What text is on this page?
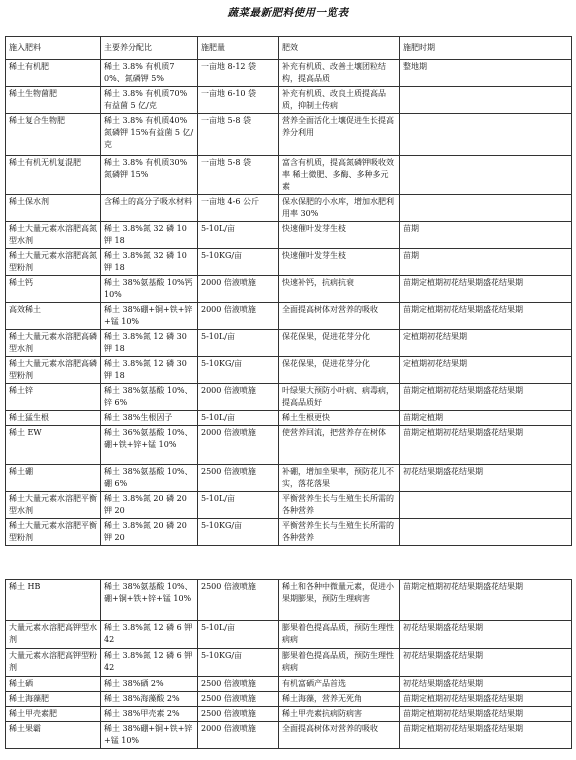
蔬菜最新肥料使用一览表
施入肥料	主要养分配比	施肥量	肥效	施肥时期
稀土有机肥	稀土 3.8% 有机质70%、氮磷钾 5%	一亩地 8-12 袋	补充有机质、改善土壤团粒结构，提高品质	整地期
稀土生物菌肥	稀土 3.8% 有机质70%有益菌 5 亿/克	一亩地 6-10 袋	补充有机质、改良土质提高品质，抑制土传病	
稀土复合生物肥	稀土 3.8% 有机质40%氮磷钾 15%有益菌 5 亿/克	一亩地 5-8 袋	营养全面活化土壤促进生长提高养分利用	
稀土有机无机复混肥	稀土 3.8% 有机质30%氮磷钾 15%	一亩地 5-8 袋	富含有机质，提高氮磷钾吸收效率 稀土微肥、多酶、多种多元素	
稀土保水剂	含稀土的高分子吸水材料	一亩地 4-6 公斤	保水保肥的小水库，增加水肥利用率 30%	
稀土大量元素水溶肥高氮型水剂	稀土 3.8%氮 32 磷 10 钾 18	5-10L/亩	快速催叶发芽生枝	苗期
稀土大量元素水溶肥高氮型粉剂	稀土 3.8%氮 32 磷 10 钾 18	5-10KG/亩	快速催叶发芽生枝	苗期
稀土钙	稀土 38%氨基酸 10%钙 10%	2000 倍液喷施	快速补钙，抗病抗衰	苗期定植期初花结果期盛花结果期
高效稀土	稀土 38%硼+铜+铁+锌+锰 10%	2000 倍液喷施	全面提高树体对营养的吸收	苗期定植期初花结果期盛花结果期
稀土大量元素水溶肥高磷型水剂	稀土 3.8%氮 12 磷 30 钾 18	5-10L/亩	保花保果，促进花芽分化	定植期初花结果期
稀土大量元素水溶肥高磷型粉剂	稀土 3.8%氮 12 磷 30 钾 18	5-10KG/亩	保花保果，促进花芽分化	定植期初花结果期
稀土锌	稀土 38%氨基酸 10%、锌 6%	2000 倍液喷施	叶绿果大预防小叶病、病毒病，提高品质好	苗期定植期初花结果期盛花结果期
稀土猛生根	稀土 38%生根因子	5-10L/亩	稀土生根更快	苗期定植期
稀土 EW	稀土 36%氨基酸 10%、硼+铁+锌+锰 10%	2000 倍液喷施	使营养回流，把营养存在树体	苗期定植期初花结果期盛花结果期
稀土硼	稀土 38%氨基酸 10%、硼 6%	2500 倍液喷施	补硼，增加坐果率，预防花儿不实，落花落果	初花结果期盛花结果期
稀土大量元素水溶肥平衡型水剂	稀土 3.8%氮 20 磷 20 钾 20	5-10L/亩	平衡营养生长与生殖生长所需的各种营养	
稀土大量元素水溶肥平衡型粉剂	稀土 3.8%氮 20 磷 20 钾 20	5-10KG/亩	平衡营养生长与生殖生长所需的各种营养	
稀土 HB	稀土 38%氨基酸 10%、硼+铜+铁+锌+锰 10%	2500 倍液喷施	稀土和各种中微量元素，促进小果期膨果，预防生理病害	苗期定植期初花结果期盛花结果期
大量元素水溶肥高钾型水剂	稀土 3.8%氮 12 磷 6 钾 42	5-10L/亩	膨果着色提高品质，预防生理性病病	初花结果期盛花结果期
大量元素水溶肥高钾型粉剂	稀土 3.8%氮 12 磷 6 钾 42	5-10KG/亩	膨果着色提高品质，预防生理性病病	初花结果期盛花结果期
稀土硒	稀土 38%硒 2%	2500 倍液喷施	有机富硒产品首选	初花结果期盛花结果期
稀土海藻肥	稀土 38%海藻酸 2%	2500 倍液喷施	稀土海藻，营养无死角	苗期定植期初花结果期盛花结果期
稀土甲壳素肥	稀土 38%甲壳素 2%	2500 倍液喷施	稀土甲壳素抗病防病害	苗期定植期初花结果期盛花结果期
稀土果霸	稀土 38%硼+铜+铁+锌+锰 10%	2000 倍液喷施	全面提高树体对营养的吸收	苗期定植期初花结果期盛花结果期
